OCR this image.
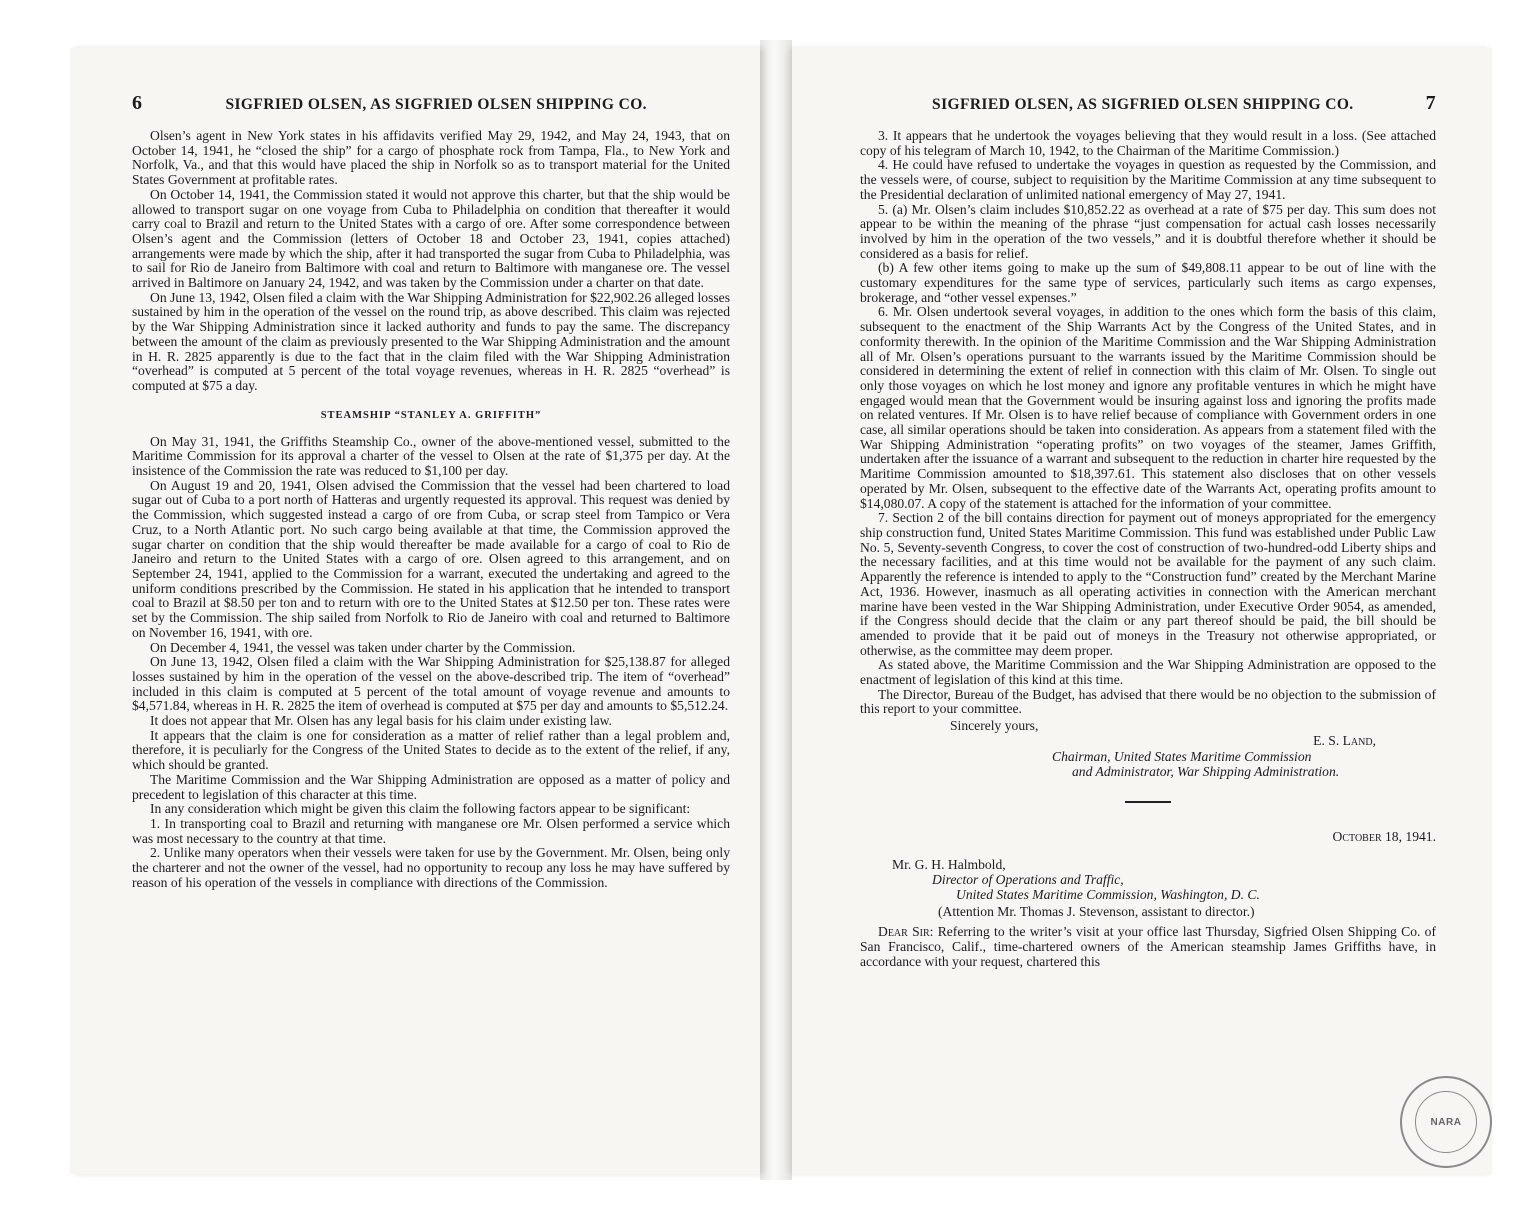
6	SIGFRIED OLSEN, AS SIGFRIED OLSEN SHIPPING CO.

Olsen’s agent in New York states in his affidavits verified May 29, 1942, and May 24, 1943, that on October 14, 1941, he “closed the ship” for a cargo of phosphate rock from Tampa, Fla., to New York and Norfolk, Va., and that this would have placed the ship in Norfolk so as to transport material for the United States Government at profitable rates.

On October 14, 1941, the Commission stated it would not approve this charter, but that the ship would be allowed to transport sugar on one voyage from Cuba to Philadelphia on condition that thereafter it would carry coal to Brazil and return to the United States with a cargo of ore. After some correspondence between Olsen’s agent and the Commission (letters of October 18 and October 23, 1941, copies attached) arrangements were made by which the ship, after it had transported the sugar from Cuba to Philadelphia, was to sail for Rio de Janeiro from Baltimore with coal and return to Baltimore with manganese ore. The vessel arrived in Baltimore on January 24, 1942, and was taken by the Commission under a charter on that date.

On June 13, 1942, Olsen filed a claim with the War Shipping Administration for $22,902.26 alleged losses sustained by him in the operation of the vessel on the round trip, as above described. This claim was rejected by the War Shipping Administration since it lacked authority and funds to pay the same. The discrepancy between the amount of the claim as previously presented to the War Shipping Administration and the amount in H. R. 2825 apparently is due to the fact that in the claim filed with the War Shipping Administration “overhead” is computed at 5 percent of the total voyage revenues, whereas in H. R. 2825 “overhead” is computed at $75 a day.

STEAMSHIP “STANLEY A. GRIFFITH”

On May 31, 1941, the Griffiths Steamship Co., owner of the above-mentioned vessel, submitted to the Maritime Commission for its approval a charter of the vessel to Olsen at the rate of $1,375 per day. At the insistence of the Commission the rate was reduced to $1,100 per day.

On August 19 and 20, 1941, Olsen advised the Commission that the vessel had been chartered to load sugar out of Cuba to a port north of Hatteras and urgently requested its approval. This request was denied by the Commission, which suggested instead a cargo of ore from Cuba, or scrap steel from Tampico or Vera Cruz, to a North Atlantic port. No such cargo being available at that time, the Commission approved the sugar charter on condition that the ship would thereafter be made available for a cargo of coal to Rio de Janeiro and return to the United States with a cargo of ore. Olsen agreed to this arrangement, and on September 24, 1941, applied to the Commission for a warrant, executed the undertaking and agreed to the uniform conditions prescribed by the Commission. He stated in his application that he intended to transport coal to Brazil at $8.50 per ton and to return with ore to the United States at $12.50 per ton. These rates were set by the Commission. The ship sailed from Norfolk to Rio de Janeiro with coal and returned to Baltimore on November 16, 1941, with ore.

On December 4, 1941, the vessel was taken under charter by the Commission.

On June 13, 1942, Olsen filed a claim with the War Shipping Administration for $25,138.87 for alleged losses sustained by him in the operation of the vessel on the above-described trip. The item of “overhead” included in this claim is computed at 5 percent of the total amount of voyage revenue and amounts to $4,571.84, whereas in H. R. 2825 the item of overhead is computed at $75 per day and amounts to $5,512.24.

It does not appear that Mr. Olsen has any legal basis for his claim under existing law.

It appears that the claim is one for consideration as a matter of relief rather than a legal problem and, therefore, it is peculiarly for the Congress of the United States to decide as to the extent of the relief, if any, which should be granted.

The Maritime Commission and the War Shipping Administration are opposed as a matter of policy and precedent to legislation of this character at this time.

In any consideration which might be given this claim the following factors appear to be significant:

1. In transporting coal to Brazil and returning with manganese ore Mr. Olsen performed a service which was most necessary to the country at that time.

2. Unlike many operators when their vessels were taken for use by the Government. Mr. Olsen, being only the charterer and not the owner of the vessel, had no opportunity to recoup any loss he may have suffered by reason of his operation of the vessels in compliance with directions of the Commission.

SIGFRIED OLSEN, AS SIGFRIED OLSEN SHIPPING CO.	7

3. It appears that he undertook the voyages believing that they would result in a loss. (See attached copy of his telegram of March 10, 1942, to the Chairman of the Maritime Commission.)

4. He could have refused to undertake the voyages in question as requested by the Commission, and the vessels were, of course, subject to requisition by the Maritime Commission at any time subsequent to the Presidential declaration of unlimited national emergency of May 27, 1941.

5. (a) Mr. Olsen’s claim includes $10,852.22 as overhead at a rate of $75 per day. This sum does not appear to be within the meaning of the phrase “just compensation for actual cash losses necessarily involved by him in the operation of the two vessels,” and it is doubtful therefore whether it should be considered as a basis for relief.

(b) A few other items going to make up the sum of $49,808.11 appear to be out of line with the customary expenditures for the same type of services, particularly such items as cargo expenses, brokerage, and “other vessel expenses.”

6. Mr. Olsen undertook several voyages, in addition to the ones which form the basis of this claim, subsequent to the enactment of the Ship Warrants Act by the Congress of the United States, and in conformity therewith. In the opinion of the Maritime Commission and the War Shipping Administration all of Mr. Olsen’s operations pursuant to the warrants issued by the Maritime Commission should be considered in determining the extent of relief in connection with this claim of Mr. Olsen. To single out only those voyages on which he lost money and ignore any profitable ventures in which he might have engaged would mean that the Government would be insuring against loss and ignoring the profits made on related ventures. If Mr. Olsen is to have relief because of compliance with Government orders in one case, all similar operations should be taken into consideration. As appears from a statement filed with the War Shipping Administration “operating profits” on two voyages of the steamer, James Griffith, undertaken after the issuance of a warrant and subsequent to the reduction in charter hire requested by the Maritime Commission amounted to $18,397.61. This statement also discloses that on other vessels operated by Mr. Olsen, subsequent to the effective date of the Warrants Act, operating profits amount to $14,080.07. A copy of the statement is attached for the information of your committee.

7. Section 2 of the bill contains direction for payment out of moneys appropriated for the emergency ship construction fund, United States Maritime Commission. This fund was established under Public Law No. 5, Seventy-seventh Congress, to cover the cost of construction of two-hundred-odd Liberty ships and the necessary facilities, and at this time would not be available for the payment of any such claim. Apparently the reference is intended to apply to the “Construction fund” created by the Merchant Marine Act, 1936. However, inasmuch as all operating activities in connection with the American merchant marine have been vested in the War Shipping Administration, under Executive Order 9054, as amended, if the Congress should decide that the claim or any part thereof should be paid, the bill should be amended to provide that it be paid out of moneys in the Treasury not otherwise appropriated, or otherwise, as the committee may deem proper.

As stated above, the Maritime Commission and the War Shipping Administration are opposed to the enactment of legislation of this kind at this time.

The Director, Bureau of the Budget, has advised that there would be no objection to the submission of this report to your committee.

Sincerely yours,
E. S. Land,
Chairman, United States Maritime Commission
and Administrator, War Shipping Administration.
October 18, 1941.
Mr. G. H. Halmbold,
Director of Operations and Traffic,
United States Maritime Commission, Washington, D. C.
(Attention Mr. Thomas J. Stevenson, assistant to director.)

Dear Sir: Referring to the writer’s visit at your office last Thursday, Sigfried Olsen Shipping Co. of San Francisco, Calif., time-chartered owners of the American steamship James Griffiths have, in accordance with your request, chartered this

NARA
